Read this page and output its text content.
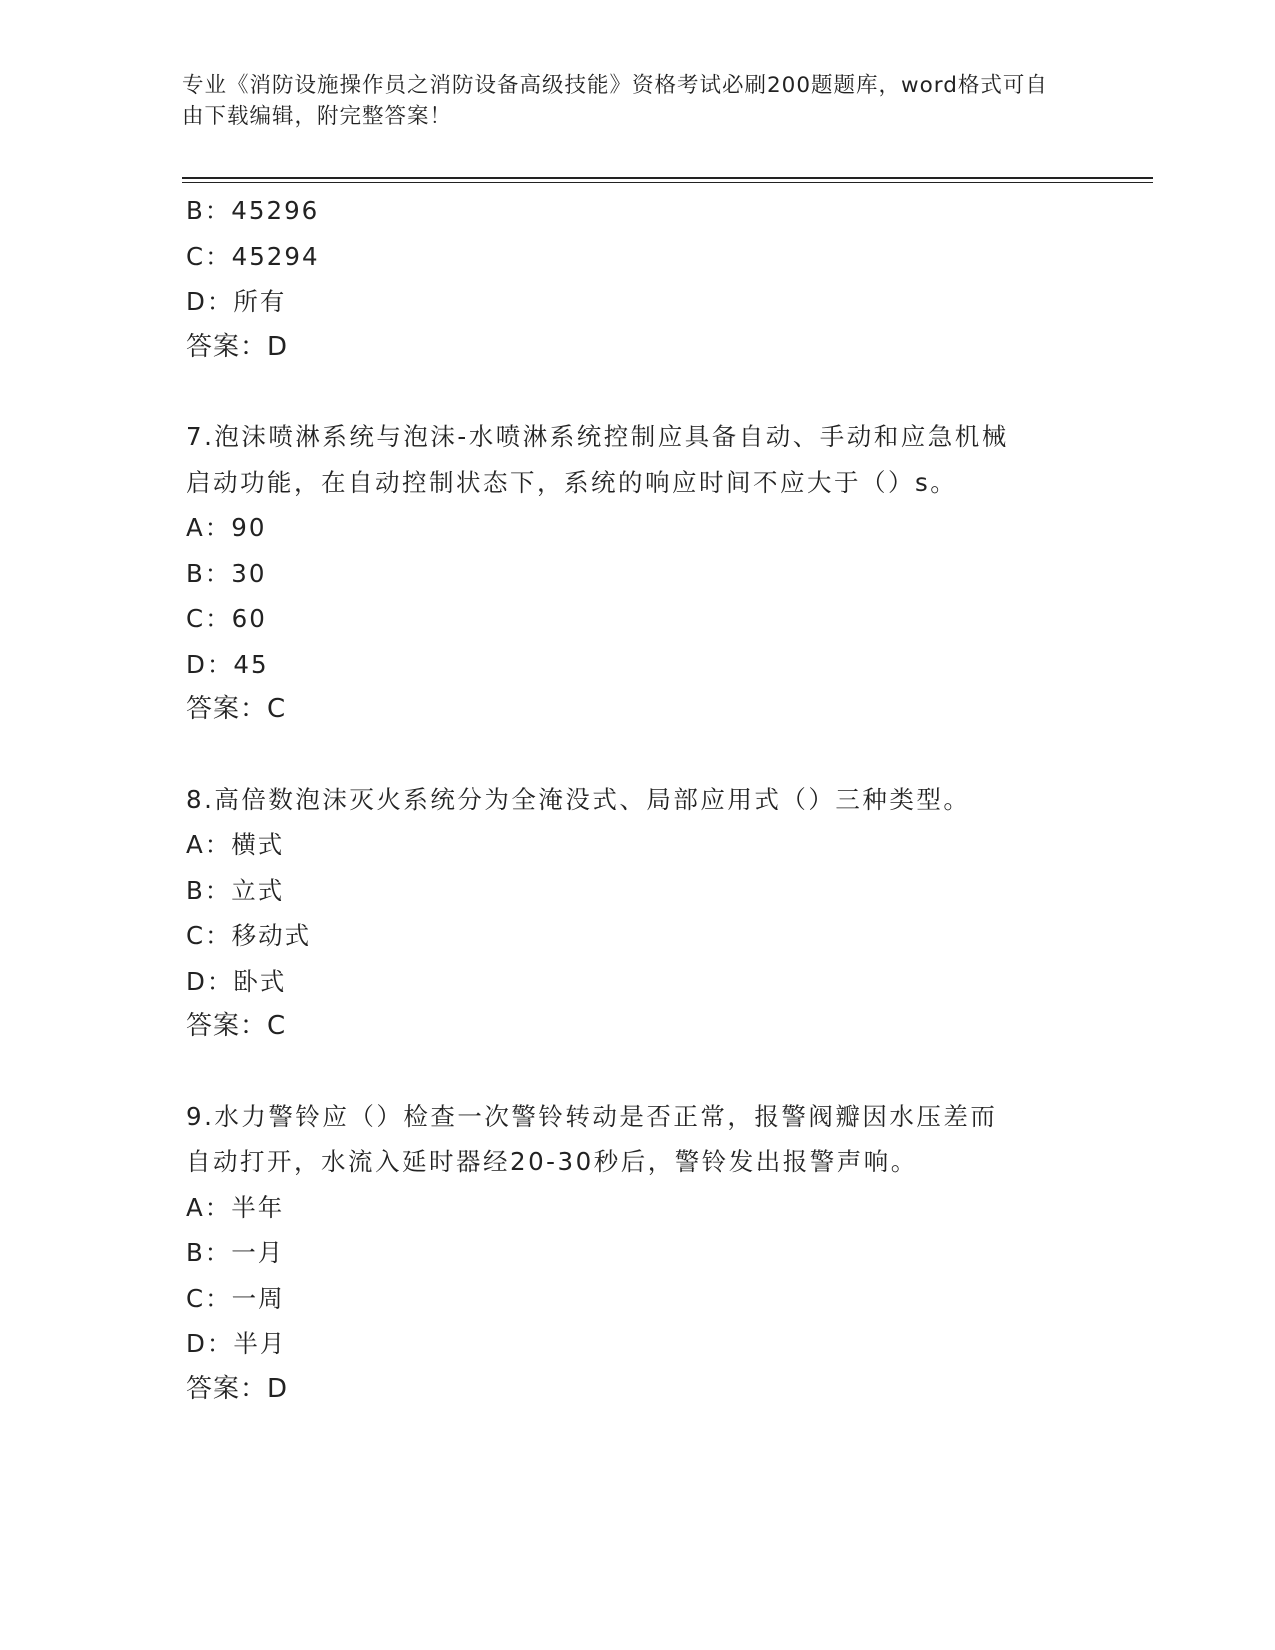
专业《消防设施操作员之消防设备高级技能》资格考试必刷200题题库，word格式可自由下载编辑，附完整答案！
B：45296
C：45294
D：所有
答案：D
7.泡沫喷淋系统与泡沫-水喷淋系统控制应具备自动、手动和应急机械
启动功能，在自动控制状态下，系统的响应时间不应大于（）s。
A：90
B：30
C：60
D：45
答案：C
8.高倍数泡沫灭火系统分为全淹没式、局部应用式（）三种类型。
A：横式
B：立式
C：移动式
D：卧式
答案：C
9.水力警铃应（）检查一次警铃转动是否正常，报警阀瓣因水压差而
自动打开，水流入延时器经20-30秒后，警铃发出报警声响。
A：半年
B：一月
C：一周
D：半月
答案：D
